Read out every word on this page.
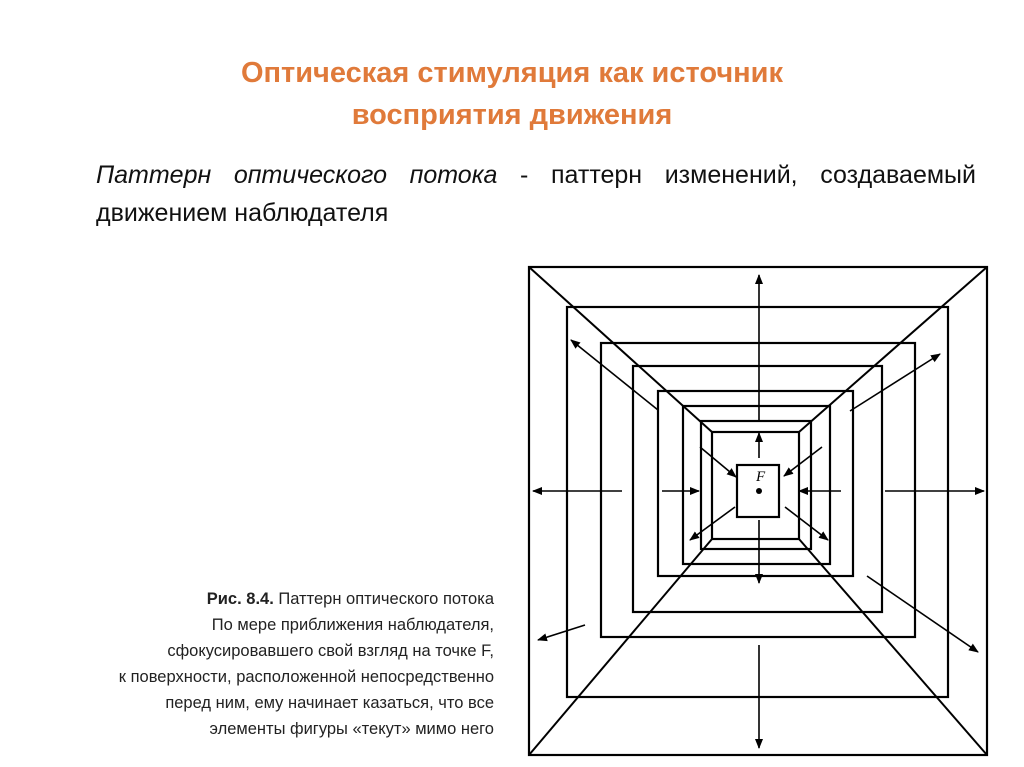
Оптическая стимуляция как источник
восприятия движения
Паттерн оптического потока - паттерн изменений, создаваемый движением наблюдателя
F
Рис. 8.4. Паттерн оптического потока
По мере приближения наблюдателя,
сфокусировавшего свой взгляд на точке F,
к поверхности, расположенной непосредственно
перед ним, ему начинает казаться, что все
элементы фигуры «текут» мимо него
